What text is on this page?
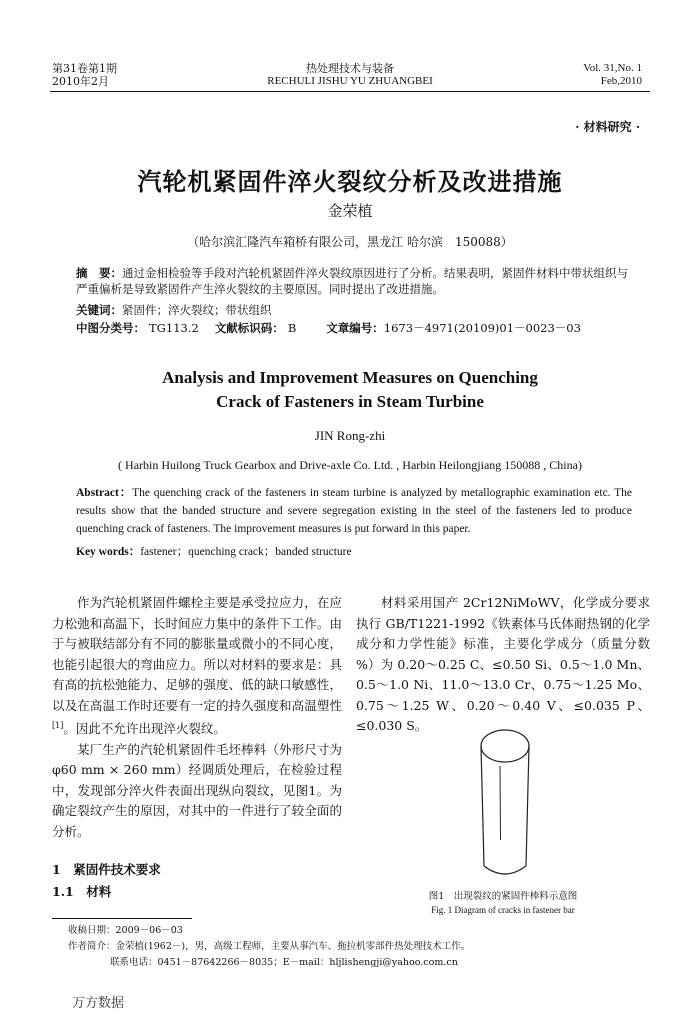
第31卷第1期
2010年2月
热处理技术与装备
RECHULI JISHU YU ZHUANGBEI
Vol. 31,No. 1
Feb,2010
· 材料研究 ·
汽轮机紧固件淬火裂纹分析及改进措施
金荣植
（哈尔滨汇隆汽车箱桥有限公司，黑龙江 哈尔滨　150088）
摘　要：通过金相检验等手段对汽轮机紧固件淬火裂纹原因进行了分析。结果表明，紧固件材料中带状组织与严重偏析是导致紧固件产生淬火裂纹的主要原因。同时提出了改进措施。
关键词：紧固件；淬火裂纹；带状组织
中图分类号： TG113.2 文献标识码： B	文章编号：1673－4971(20109)01－0023－03
Analysis and Improvement Measures on Quenching
Crack of Fasteners in Steam Turbine
JIN Rong-zhi
( Harbin Huilong Truck Gearbox and Drive-axle Co. Ltd. , Harbin Heilongjiang 150088 , China)
Abstract：The quenching crack of the fasteners in steam turbine is analyzed by metallographic examination etc. The results show that the banded structure and severe segregation existing in the steel of the fasteners led to produce quenching crack of fasteners. The improvement measures is put forward in this paper.
Key words：fastener；quenching crack；banded structure

作为汽轮机紧固件螺栓主要是承受拉应力，在应力松弛和高温下，长时间应力集中的条件下工作。由于与被联结部分有不同的膨胀量或微小的不同心度，也能引起很大的弯曲应力。所以对材料的要求是：具有高的抗松弛能力、足够的强度、低的缺口敏感性，以及在高温工作时还要有一定的持久强度和高温塑性[1]。因此不允许出现淬火裂纹。

某厂生产的汽轮机紧固件毛坯棒料（外形尺寸为 φ60 mm × 260 mm）经调质处理后，在检验过程中，发现部分淬火件表面出现纵向裂纹，见图1。为确定裂纹产生的原因，对其中的一件进行了较全面的分析。

1　紧固件技术要求
1.1　材料

材料采用国产 2Cr12NiMoWV，化学成分要求执行 GB/T1221-1992《铁素体马氏体耐热钢的化学成分和力学性能》标准，主要化学成分（质量分数 %）为 0.20～0.25 C、≤0.50 Si、0.5～1.0 Mn、0.5～1.0 Ni、11.0～13.0 Cr、0.75～1.25 Mo、0.75～1.25 W、0.20～0.40 V、≤0.035 P、≤0.030 S。

图1　出现裂纹的紧固件棒料示意图
Fig. 1 Diagram of cracks in fastener bar
收稿日期：2009－06－03
作者简介：金荣植(1962－)，男，高级工程师，主要从事汽车、拖拉机零部件热处理技术工作。
联系电话：0451－87642266－8035；E－mail：hljlishengji@yahoo.com.cn
万方数据
